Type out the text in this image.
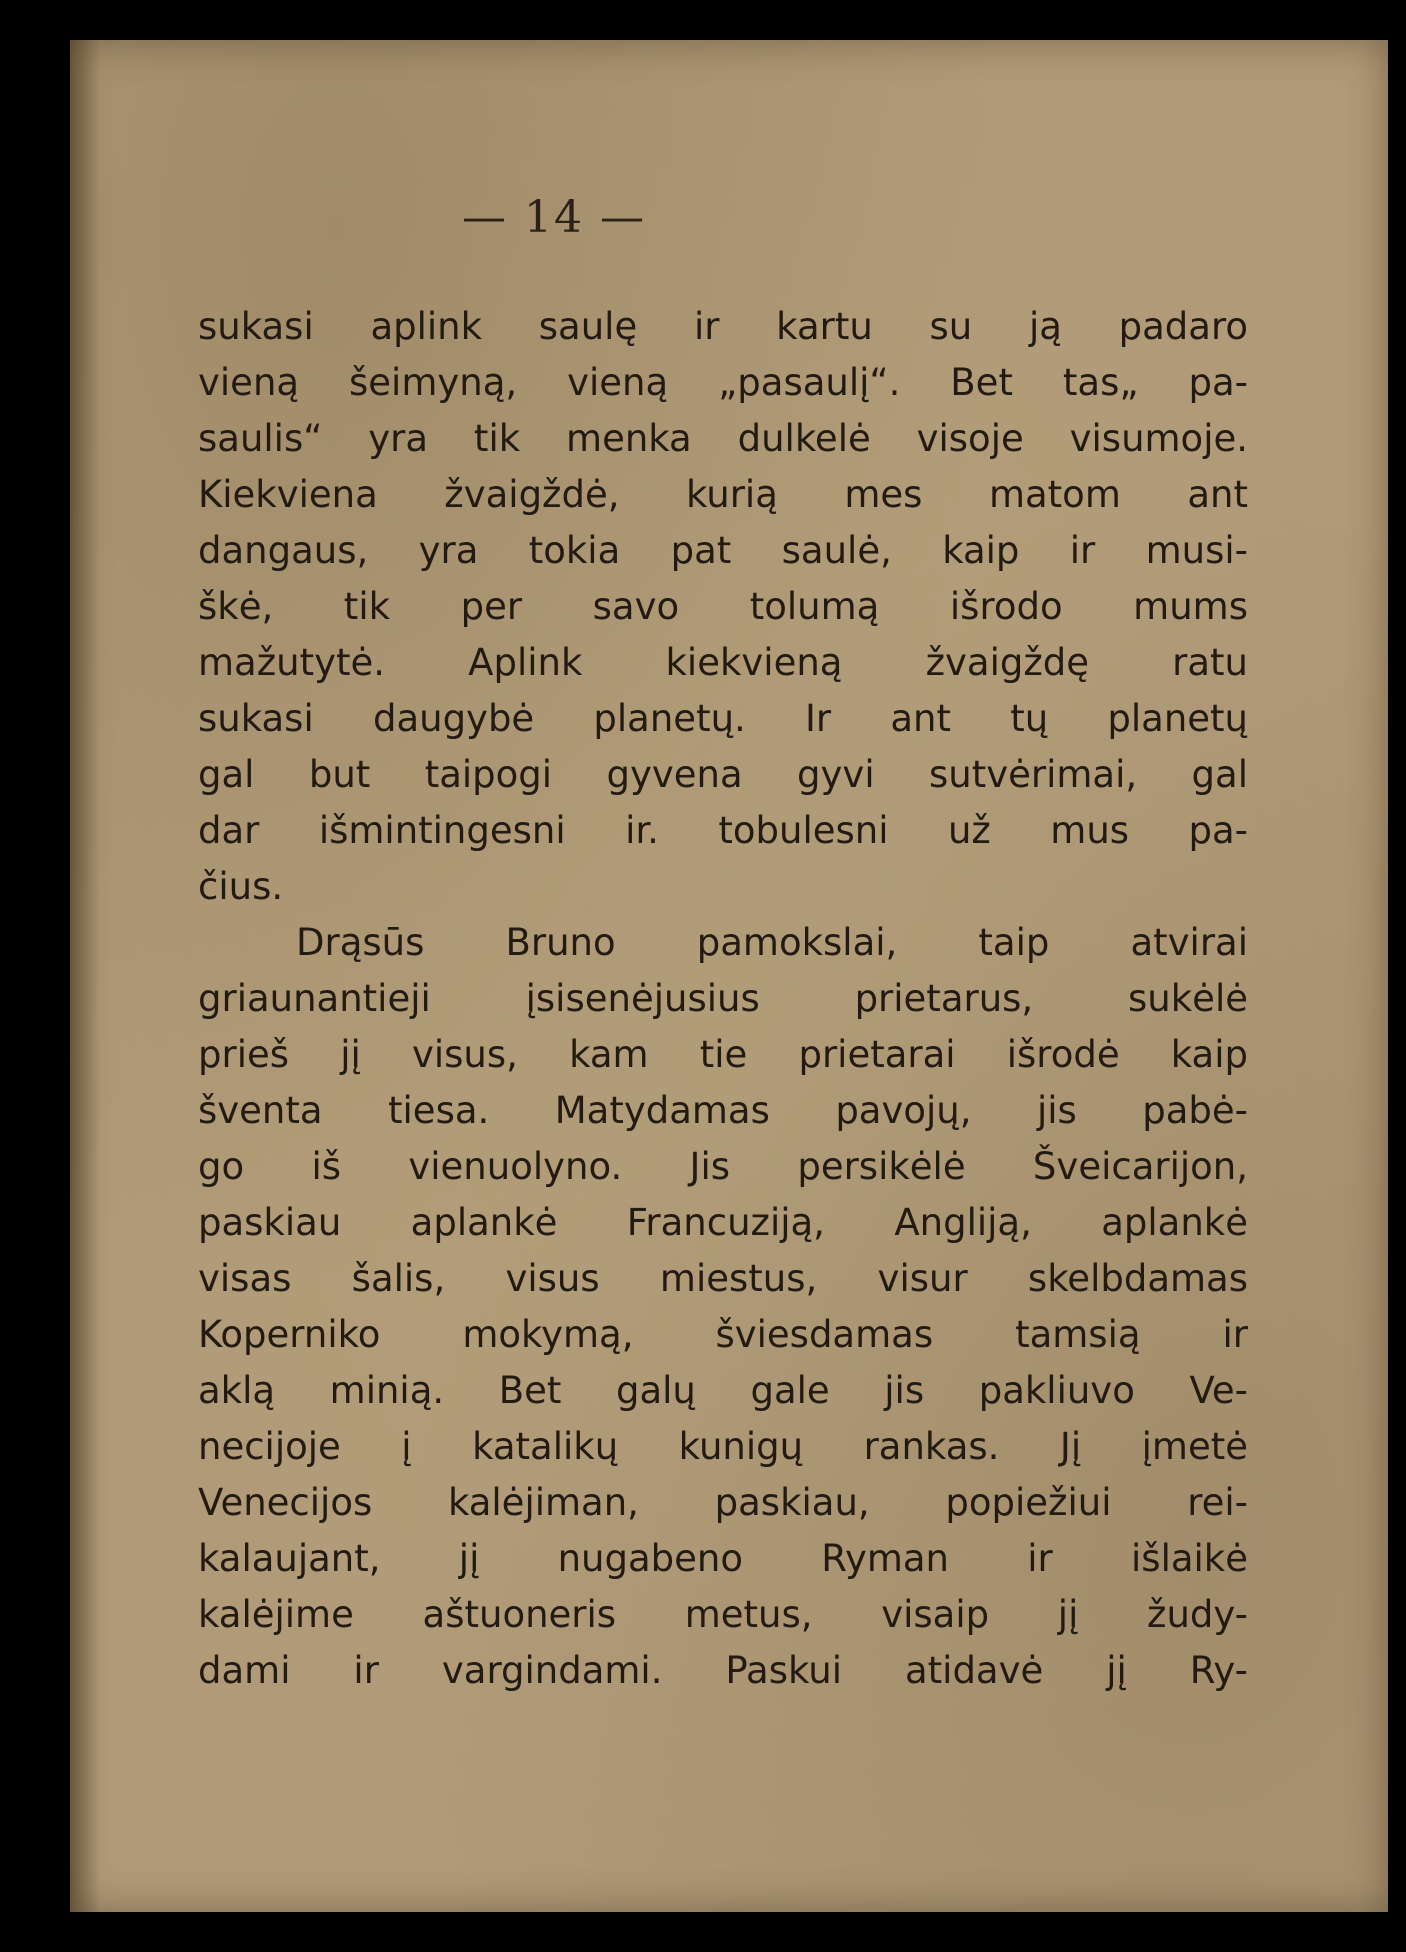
— 14 —
sukasi aplink saulę ir kartu su ją padaro
vieną šeimyną, vieną „pasaulį“. Bet tas„ pa-
saulis“ yra tik menka dulkelė visoje visumoje.
Kiekviena žvaigždė, kurią mes matom ant
dangaus, yra tokia pat saulė, kaip ir musi-
škė, tik per savo tolumą išrodo mums
mažutytė. Aplink kiekvieną žvaigždę ratu
sukasi daugybė planetų. Ir ant tų planetų
gal but taipogi gyvena gyvi sutvėrimai, gal
dar išmintingesni ir. tobulesni už mus pa-
čius.
Drąsūs Bruno pamokslai, taip atvirai
griaunantieji įsisenėjusius prietarus, sukėlė
prieš jį visus, kam tie prietarai išrodė kaip
šventa tiesa. Matydamas pavojų, jis pabė-
go iš vienuolyno. Jis persikėlė Šveicarijon,
paskiau aplankė Francuziją, Angliją, aplankė
visas šalis, visus miestus, visur skelbdamas
Koperniko mokymą, šviesdamas tamsią ir
aklą minią. Bet galų gale jis pakliuvo Ve-
necijoje į katalikų kunigų rankas. Jį įmetė
Venecijos kalėjiman, paskiau, popiežiui rei-
kalaujant, jį nugabeno Ryman ir išlaikė
kalėjime aštuoneris metus, visaip jį žudy-
dami ir vargindami. Paskui atidavė jį Ry-
